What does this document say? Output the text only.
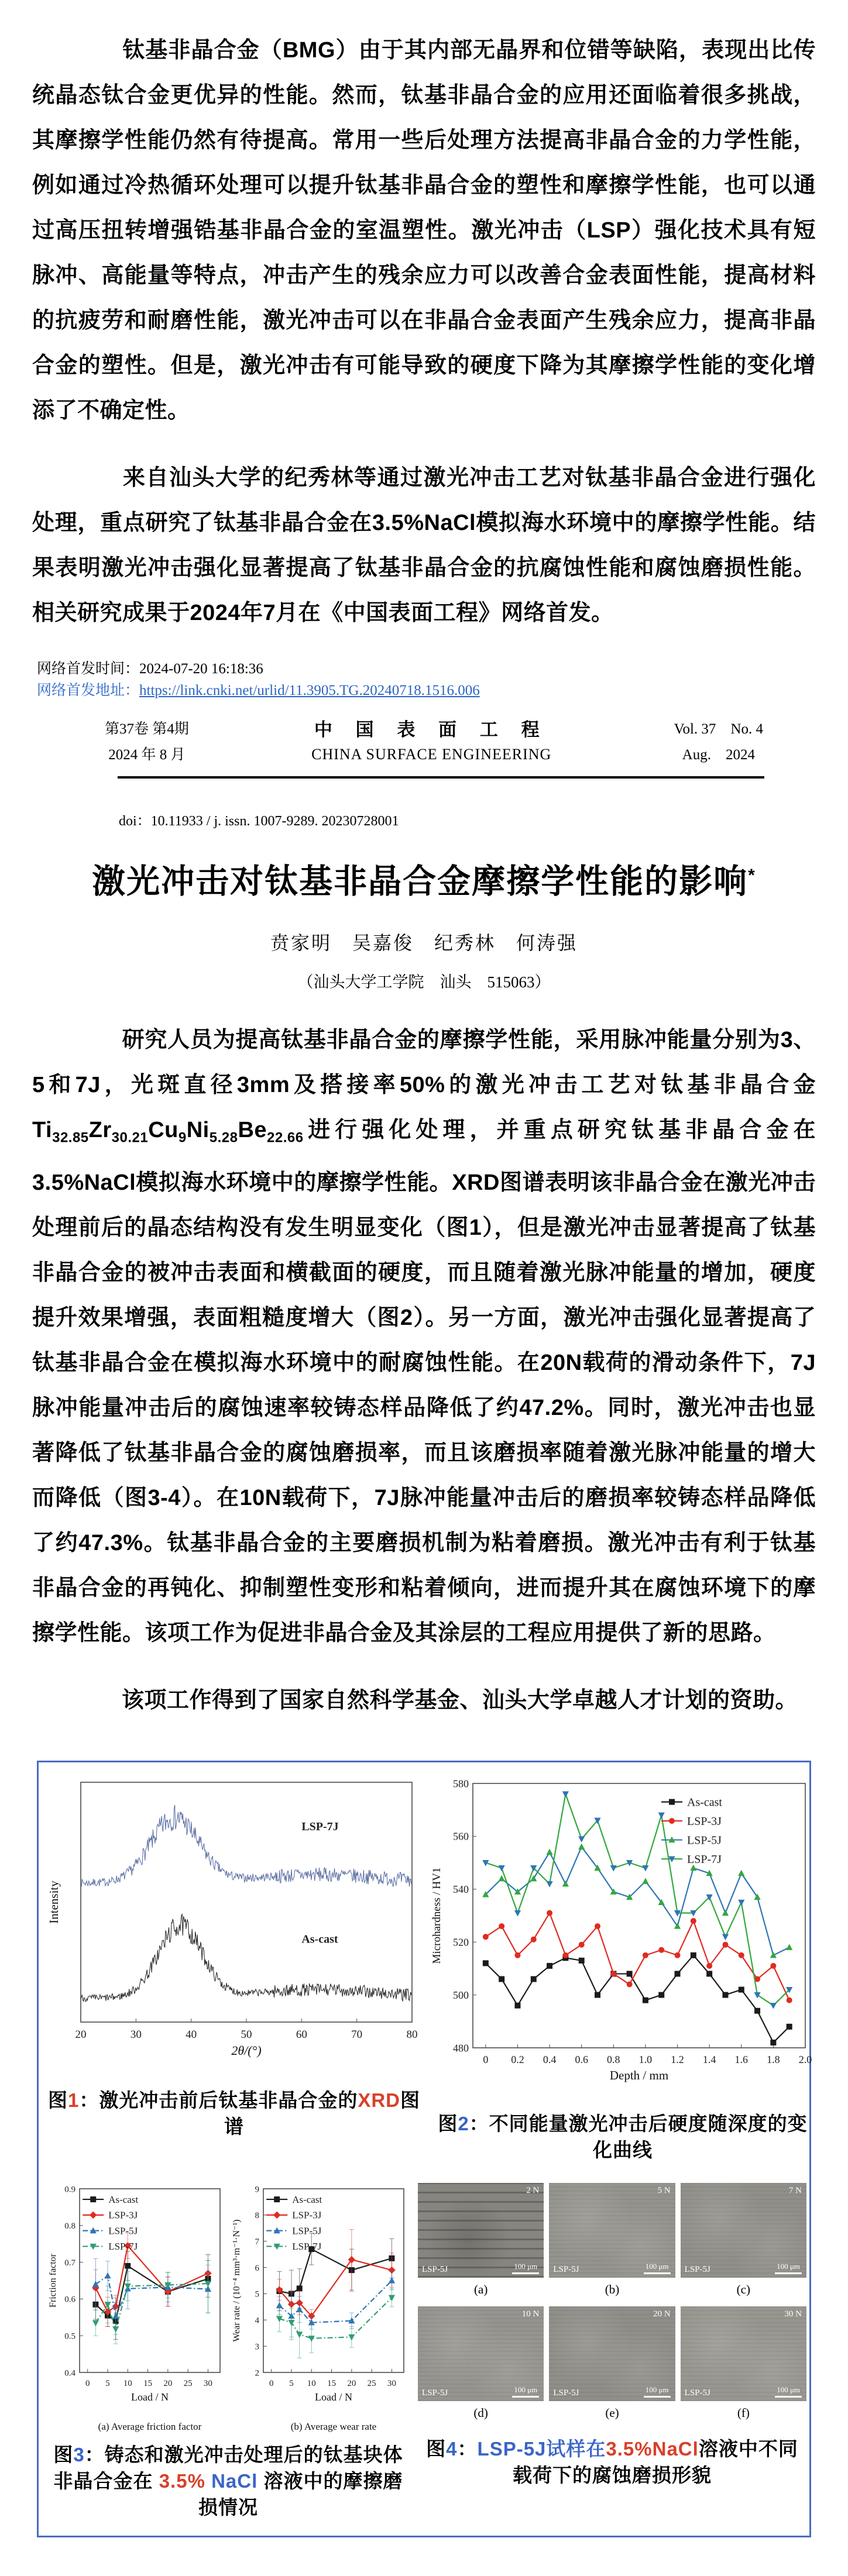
　　钛基非晶合金（BMG）由于其内部无晶界和位错等缺陷，表现出比传统晶态钛合金更优异的性能。然而，钛基非晶合金的应用还面临着很多挑战，其摩擦学性能仍然有待提高。常用一些后处理方法提高非晶合金的力学性能，例如通过冷热循环处理可以提升钛基非晶合金的塑性和摩擦学性能，也可以通过高压扭转增强锆基非晶合金的室温塑性。激光冲击（LSP）强化技术具有短脉冲、高能量等特点，冲击产生的残余应力可以改善合金表面性能，提高材料的抗疲劳和耐磨性能，激光冲击可以在非晶合金表面产生残余应力，提高非晶合金的塑性。但是，激光冲击有可能导致的硬度下降为其摩擦学性能的变化增添了不确定性。

　　来自汕头大学的纪秀林等通过激光冲击工艺对钛基非晶合金进行强化处理，重点研究了钛基非晶合金在3.5%NaCl模拟海水环境中的摩擦学性能。结果表明激光冲击强化显著提高了钛基非晶合金的抗腐蚀性能和腐蚀磨损性能。相关研究成果于2024年7月在《中国表面工程》网络首发。

网络首发时间：2024-07-20 16:18:36
网络首发地址：https://link.cnki.net/urlid/11.3905.TG.20240718.1516.006
第37卷 第4期
2024 年 8 月
中 国 表 面 工 程
CHINA SURFACE ENGINEERING
Vol. 37　No. 4
Aug.　2024
doi：10.11933 / j. issn. 1007-9289. 20230728001
激光冲击对钛基非晶合金摩擦学性能的影响*
贲家明　吴嘉俊　纪秀林　何涛强
（汕头大学工学院　汕头　515063）

　　研究人员为提高钛基非晶合金的摩擦学性能，采用脉冲能量分别为3、5和7J，光斑直径3mm及搭接率50%的激光冲击工艺对钛基非晶合金$Ti_{32.85}Zr_{30.21}Cu_9Ni_{5.28}Be_{22.66}$进行强化处理，并重点研究钛基非晶合金在3.5%NaCl模拟海水环境中的摩擦学性能。XRD图谱表明该非晶合金在激光冲击处理前后的晶态结构没有发生明显变化（图1），但是激光冲击显著提高了钛基非晶合金的被冲击表面和横截面的硬度，而且随着激光脉冲能量的增加，硬度提升效果增强，表面粗糙度增大（图2）。另一方面，激光冲击强化显著提高了钛基非晶合金在模拟海水环境中的耐腐蚀性能。在20N载荷的滑动条件下，7J脉冲能量冲击后的腐蚀速率较铸态样品降低了约47.2%。同时，激光冲击也显著降低了钛基非晶合金的腐蚀磨损率，而且该磨损率随着激光脉冲能量的增大而降低（图3-4）。在10N载荷下，7J脉冲能量冲击后的磨损率较铸态样品降低了约47.3%。钛基非晶合金的主要磨损机制为粘着磨损。激光冲击有利于钛基非晶合金的再钝化、抑制塑性变形和粘着倾向，进而提升其在腐蚀环境下的摩擦学性能。该项工作为促进非晶合金及其涂层的工程应用提供了新的思路。

　　该项工作得到了国家自然科学基金、汕头大学卓越人才计划的资助。

20	30	40	50	60	70	80
2θ/(°)
Intensity
LSP-7J
As-cast
图1：激光冲击前后钛基非晶合金的XRD图谱
0 0.2 0.4 0.6 0.8 1.0 1.2 1.4 1.6 1.8 2.0
480
500
520
540
560
580
Depth / mm
Microhardness / HV1
As-cast
LSP-3J
LSP-5J
LSP-7J
图2：不同能量激光冲击后硬度随深度的变化曲线
0 5 10 15 20 25 30
0.4
0.5
0.6
0.7
0.8
0.9
Load / N
Friction factor
(a) Average friction factor
As-cast
LSP-3J
LSP-5J
LSP-7J
0 5 10 15 20 25 30
2
3
4
5
6
7
8
9
Load / N
Wear rate / (10⁻⁴ mm³·m⁻¹·N⁻¹)
(b) Average wear rate
As-cast
LSP-3J
LSP-5J
LSP-7J
图3：铸态和激光冲击处理后的钛基块体非晶合金在 3.5% NaCl 溶液中的摩擦磨损情况
2 N
LSP-5J	100 μm
5 N
LSP-5J	100 μm
7 N
LSP-5J	100 μm
(a)	(b)	(c)
10 N
LSP-5J	100 μm
20 N
LSP-5J	100 μm
30 N
LSP-5J	100 μm
(d)	(e)	(f)
图4：LSP-5J试样在3.5%NaCl溶液中不同载荷下的腐蚀磨损形貌
